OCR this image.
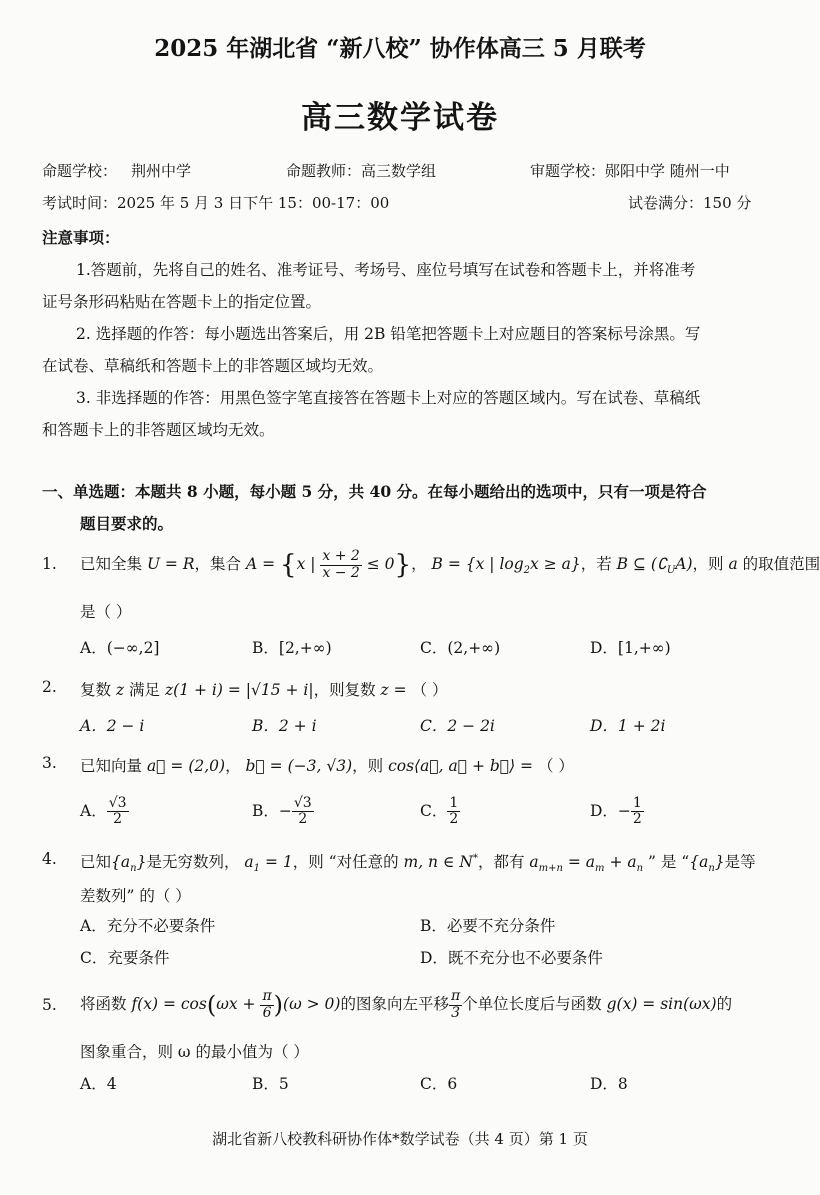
2025 年湖北省 “新八校” 协作体高三 5 月联考
高三数学试卷
命题学校： 荆州中学	命题教师：高三数学组	审题学校：郧阳中学 随州一中
考试时间：2025 年 5 月 3 日下午 15：00-17：00	试卷满分：150 分
注意事项：
1.答题前，先将自己的姓名、准考证号、考场号、座位号填写在试卷和答题卡上，并将准考
证号条形码粘贴在答题卡上的指定位置。
2. 选择题的作答：每小题选出答案后，用 2B 铅笔把答题卡上对应题目的答案标号涂黑。写
在试卷、草稿纸和答题卡上的非答题区域均无效。
3. 非选择题的作答：用黑色签字笔直接答在答题卡上对应的答题区域内。写在试卷、草稿纸
和答题卡上的非答题区域均无效。
一、单选题：本题共 8 小题，每小题 5 分，共 40 分。在每小题给出的选项中，只有一项是符合
题目要求的。
1. 已知全集 U = R，集合 A = {x | $\frac{x + 2}{x - 2} \le 0$}， B = {x | $\log_2x \ge a$}，若 B ⊆ $(∁_UA)$，则 a 的取值范围
是（ ）
A．(−∞,2]	B．[2,+∞)	C．(2,+∞)	D．[1,+∞)
2. 复数 z 满足 z(1 + i) = |√15 + i|，则复数 z = （ ）
A．2 − i	B．2 + i	C．2 − 2i	D．1 + 2i
3. 已知向量 a⃗ = (2,0)， b⃗ = (−3, √3)，则 cos⟨a⃗, a⃗ + b⃗⟩ = （ ）
A． $\frac{√3}{2}$	B．− $\frac{√3}{2}$	C． $\frac{1}{2}$	D．− $\frac{1}{2}$
4. 已知$\{a_n\}$是无穷数列， $a_1 = 1$，则 “对任意的 m, n ∈ N*，都有 $a_{m+n} = a_m + a_n$ ” 是 “$\{a_n\}$是等
差数列” 的（ ）
A．充分不必要条件	B．必要不充分条件
C．充要条件	D．既不充分也不必要条件
5. 将函数 $f(x) = \cos(\omega x + \frac{\pi}{6} )(\omega > 0)$的图象向左平移 $\frac{\pi}{3}$ 个单位长度后与函数 g(x) = sin(ωx)的
图象重合，则 ω 的最小值为（ ）
A．4	B．5	C．6	D．8
湖北省新八校教科研协作体*数学试卷（共 4 页）第 1 页
